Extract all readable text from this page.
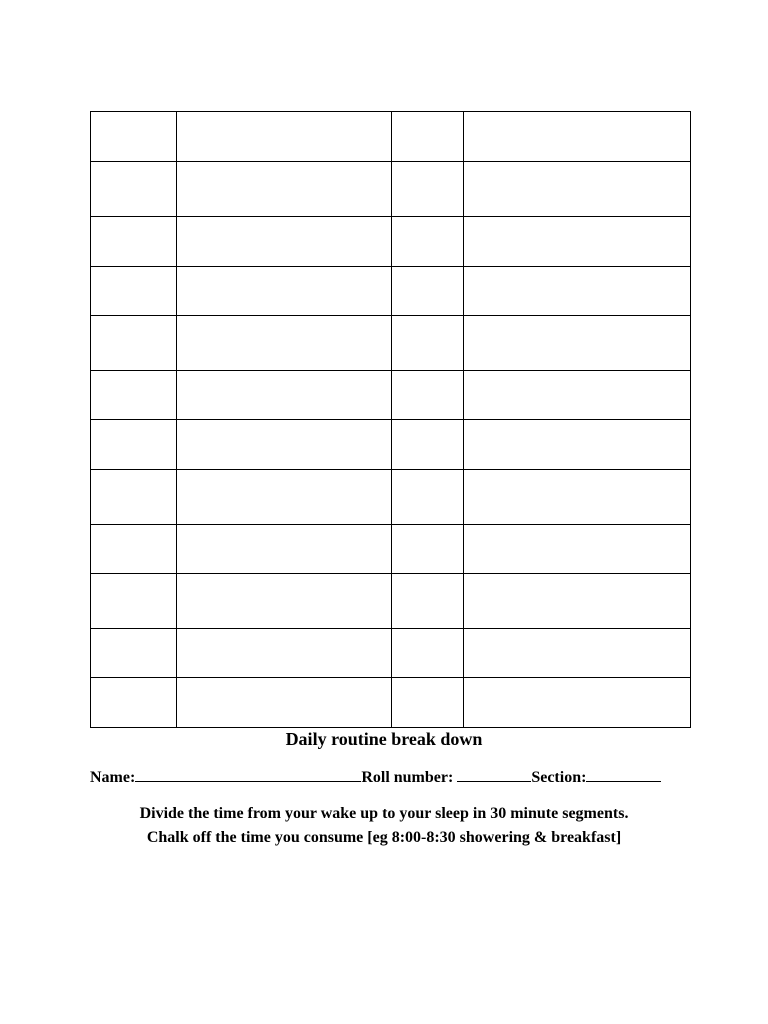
Daily routine break down
Name:	Roll number:	Section:
Divide the time from your wake up to your sleep in 30 minute segments.
Chalk off the time you consume [eg 8:00-8:30 showering & breakfast]
